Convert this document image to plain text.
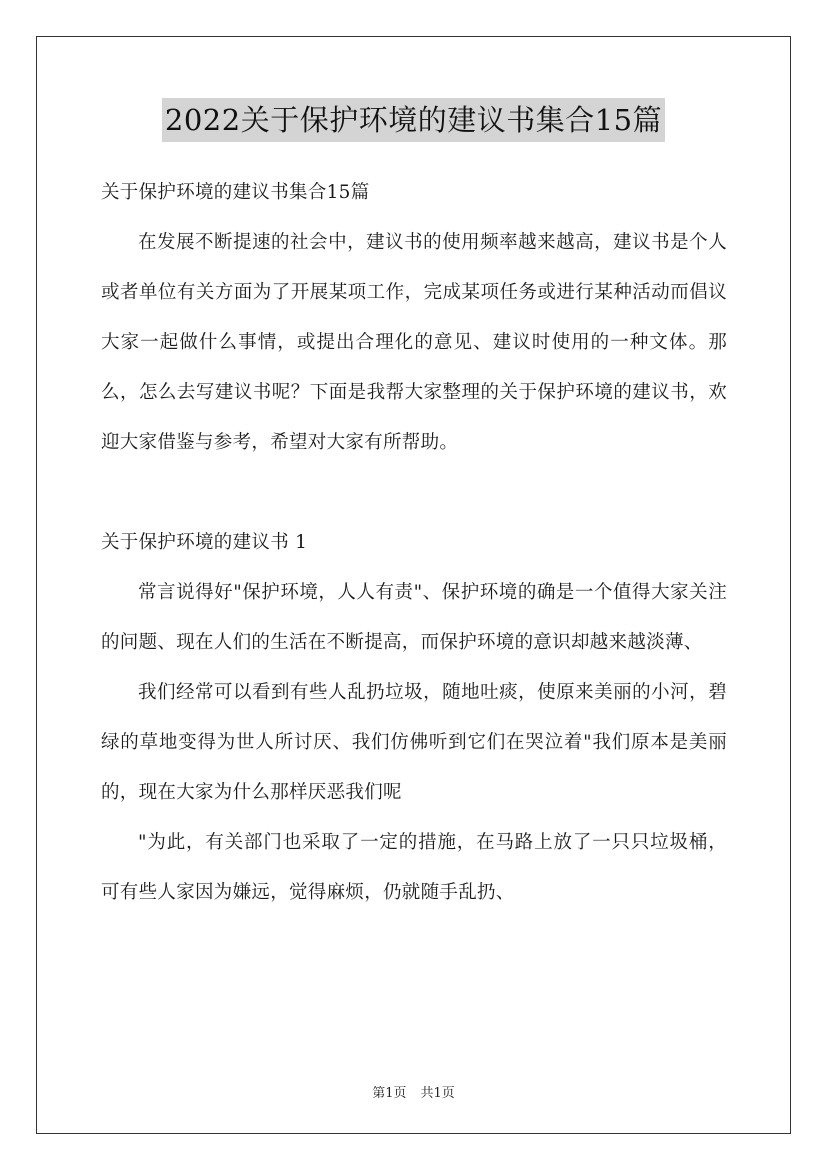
2022关于保护环境的建议书集合15篇

关于保护环境的建议书集合15篇

在发展不断提速的社会中，建议书的使用频率越来越高，建议书是个人或者单位有关方面为了开展某项工作，完成某项任务或进行某种活动而倡议大家一起做什么事情，或提出合理化的意见、建议时使用的一种文体。那么，怎么去写建议书呢？下面是我帮大家整理的关于保护环境的建议书，欢迎大家借鉴与参考，希望对大家有所帮助。

关于保护环境的建议书 1

常言说得好"保护环境，人人有责"、保护环境的确是一个值得大家关注的问题、现在人们的生活在不断提高，而保护环境的意识却越来越淡薄、

我们经常可以看到有些人乱扔垃圾，随地吐痰，使原来美丽的小河，碧绿的草地变得为世人所讨厌、我们仿佛听到它们在哭泣着"我们原本是美丽的，现在大家为什么那样厌恶我们呢

"为此，有关部门也采取了一定的措施，在马路上放了一只只垃圾桶，可有些人家因为嫌远，觉得麻烦，仍就随手乱扔、

第1页 共1页
